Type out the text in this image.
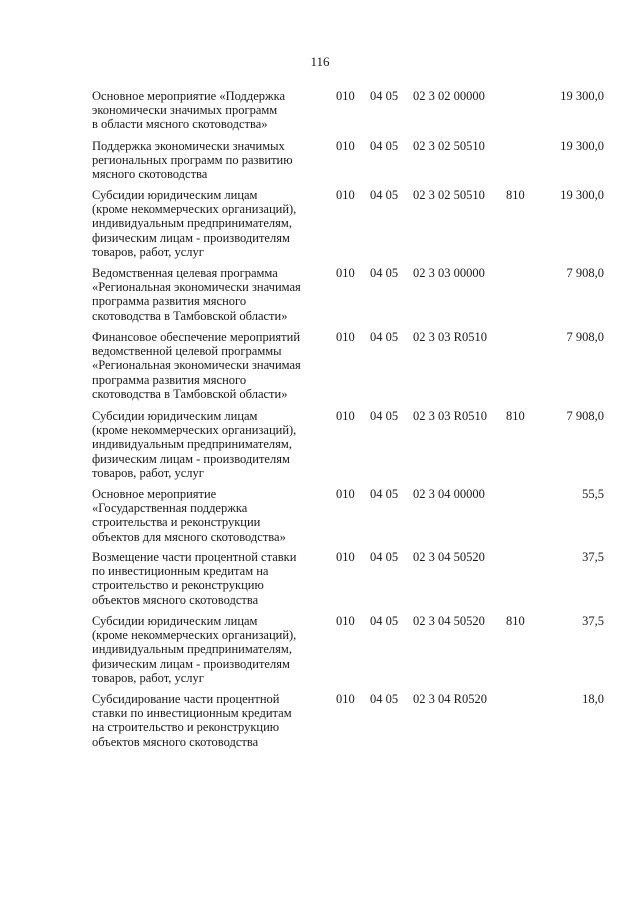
116
Основное мероприятие «Поддержка
экономически значимых программ
в области мясного скотоводства»
010 04 05 02 3 02 00000	19 300,0
Поддержка экономически значимых
региональных программ по развитию
мясного скотоводства
010 04 05 02 3 02 50510	19 300,0
Субсидии юридическим лицам
(кроме некоммерческих организаций),
индивидуальным предпринимателям,
физическим лицам - производителям
товаров, работ, услуг
010 04 05 02 3 02 50510 810	19 300,0
Ведомственная целевая программа
«Региональная экономически значимая
программа развития мясного
скотоводства в Тамбовской области»
010 04 05 02 3 03 00000	7 908,0
Финансовое обеспечение мероприятий
ведомственной целевой программы
«Региональная экономически значимая
программа развития мясного
скотоводства в Тамбовской области»
010 04 05 02 3 03 R0510	7 908,0
Субсидии юридическим лицам
(кроме некоммерческих организаций),
индивидуальным предпринимателям,
физическим лицам - производителям
товаров, работ, услуг
010 04 05 02 3 03 R0510 810	7 908,0
Основное мероприятие
«Государственная поддержка
строительства и реконструкции
объектов для мясного скотоводства»
010 04 05 02 3 04 00000	55,5
Возмещение части процентной ставки
по инвестиционным кредитам на
строительство и реконструкцию
объектов мясного скотоводства
010 04 05 02 3 04 50520	37,5
Субсидии юридическим лицам
(кроме некоммерческих организаций),
индивидуальным предпринимателям,
физическим лицам - производителям
товаров, работ, услуг
010 04 05 02 3 04 50520 810	37,5
Субсидирование части процентной
ставки по инвестиционным кредитам
на строительство и реконструкцию
объектов мясного скотоводства
010 04 05 02 3 04 R0520	18,0
